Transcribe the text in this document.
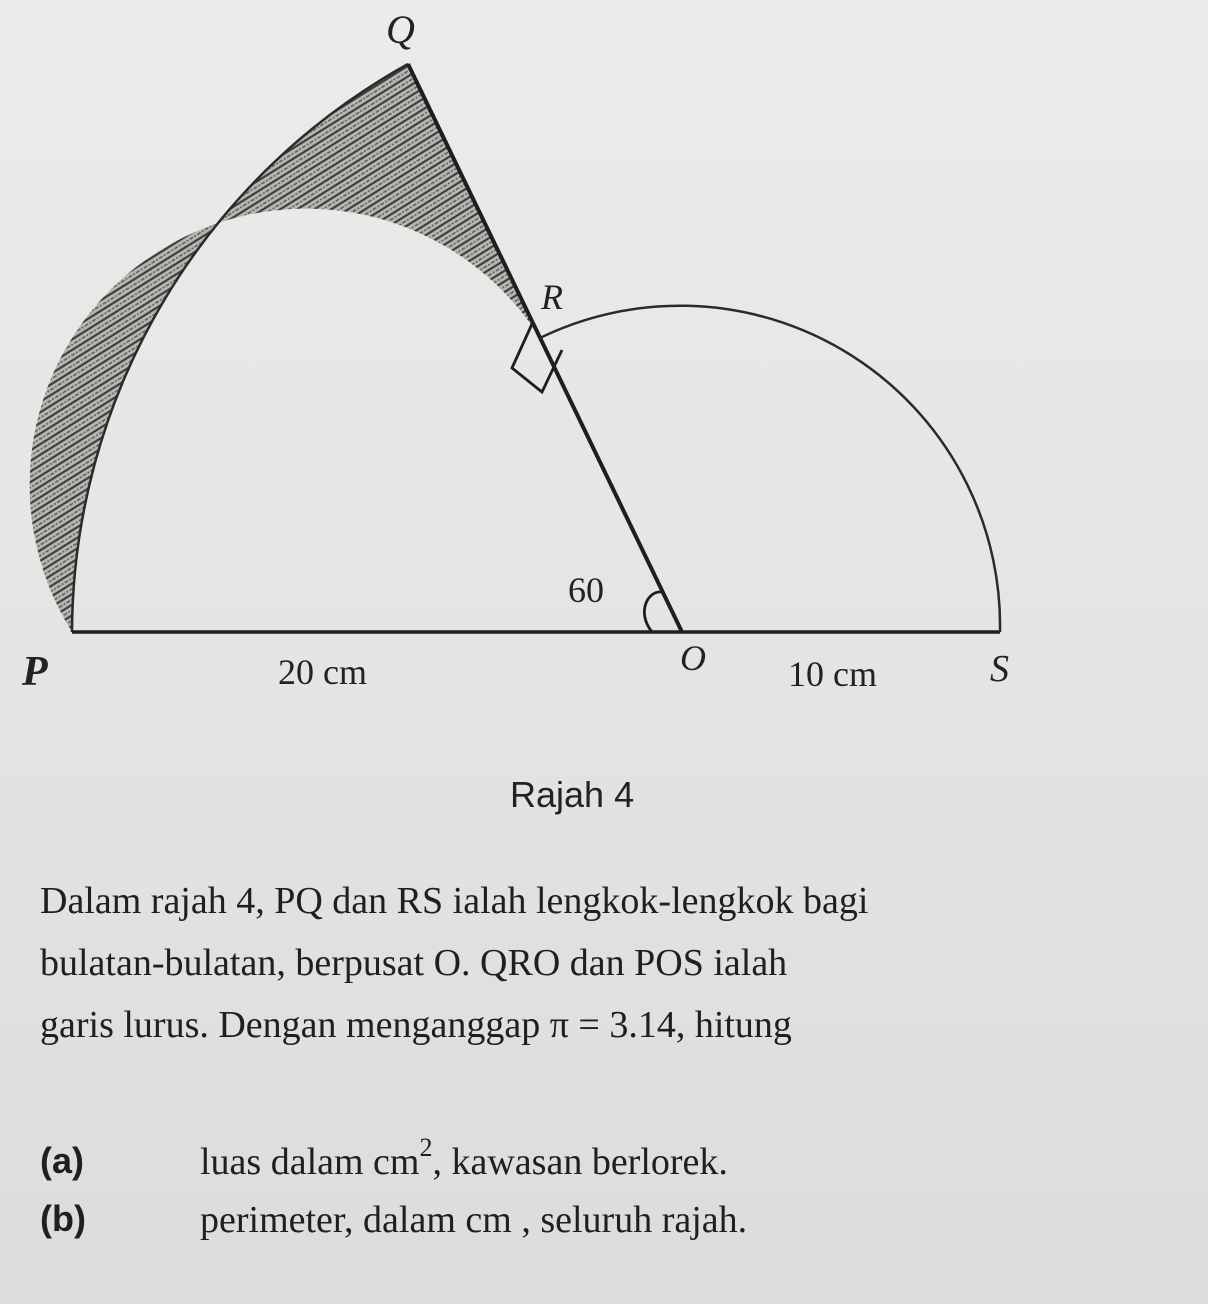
Q
R
60
P	20 cm	O 10 cm	S
Rajah 4
Dalam rajah 4, PQ dan RS ialah lengkok-lengkok bagi
bulatan-bulatan, berpusat O. QRO dan POS ialah
garis lurus. Dengan menganggap π = 3.14, hitung
(a)	luas dalam $cm^2$, kawasan berlorek.
(b)	perimeter, dalam cm , seluruh rajah.
